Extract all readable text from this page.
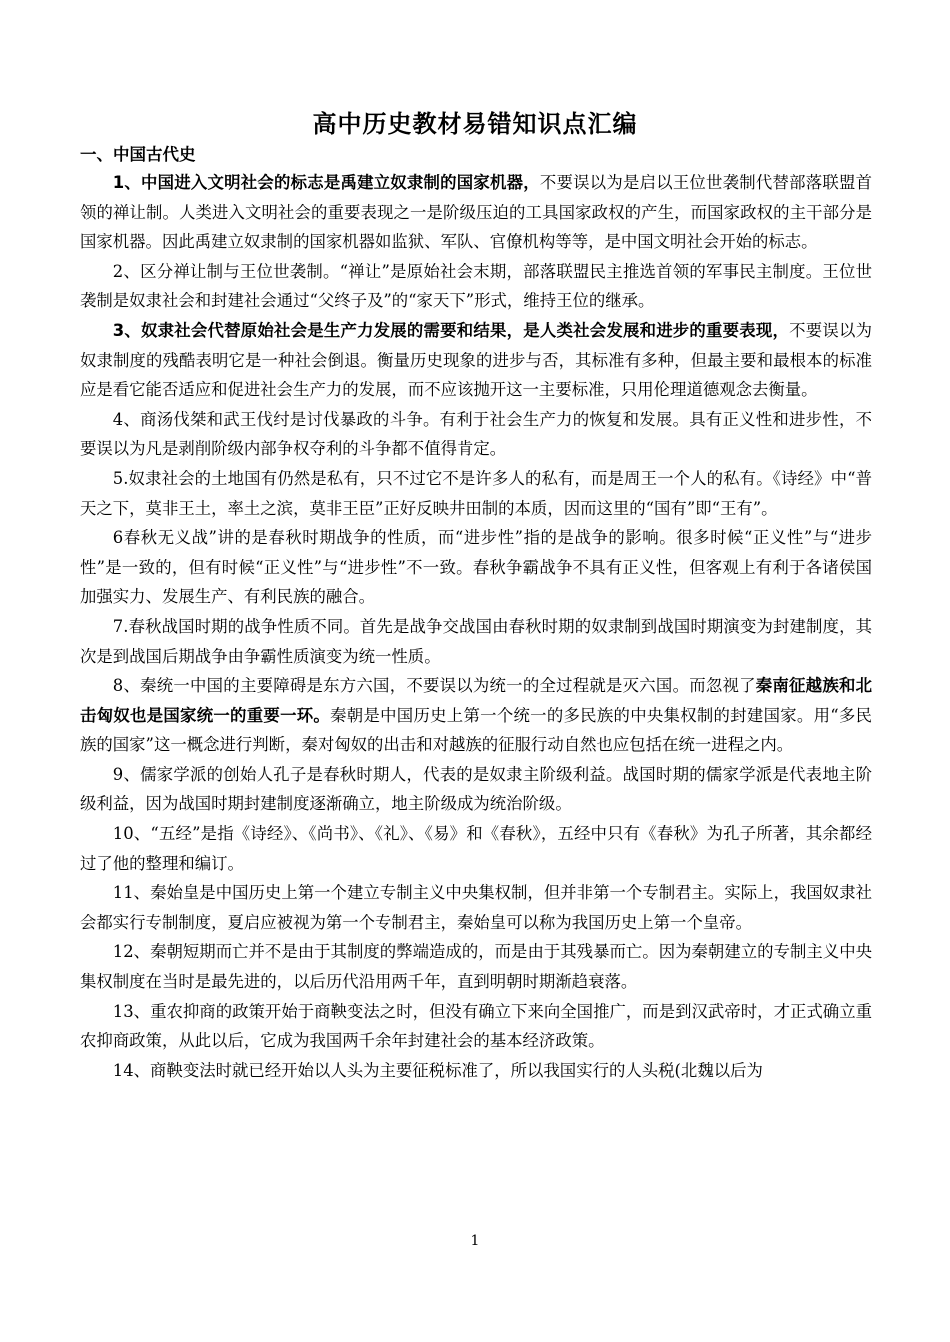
高中历史教材易错知识点汇编
一、中国古代史

1、中国进入文明社会的标志是禹建立奴隶制的国家机器，不要误以为是启以王位世袭制代替部落联盟首领的禅让制。人类进入文明社会的重要表现之一是阶级压迫的工具国家政权的产生，而国家政权的主干部分是国家机器。因此禹建立奴隶制的国家机器如监狱、军队、官僚机构等等，是中国文明社会开始的标志。

2、区分禅让制与王位世袭制。“禅让”是原始社会末期，部落联盟民主推选首领的军事民主制度。王位世袭制是奴隶社会和封建社会通过“父终子及”的“家天下”形式，维持王位的继承。

3、奴隶社会代替原始社会是生产力发展的需要和结果，是人类社会发展和进步的重要表现，不要误以为奴隶制度的残酷表明它是一种社会倒退。衡量历史现象的进步与否，其标准有多种，但最主要和最根本的标准应是看它能否适应和促进社会生产力的发展，而不应该抛开这一主要标准，只用伦理道德观念去衡量。

4、商汤伐桀和武王伐纣是讨伐暴政的斗争。有利于社会生产力的恢复和发展。具有正义性和进步性，不要误以为凡是剥削阶级内部争权夺利的斗争都不值得肯定。

5.奴隶社会的土地国有仍然是私有，只不过它不是许多人的私有，而是周王一个人的私有。《诗经》中“普天之下，莫非王土，率土之滨，莫非王臣”正好反映井田制的本质，因而这里的“国有”即“王有”。

6春秋无义战”讲的是春秋时期战争的性质，而“进步性”指的是战争的影响。很多时候“正义性”与“进步性”是一致的，但有时候“正义性”与“进步性”不一致。春秋争霸战争不具有正义性，但客观上有利于各诸侯国加强实力、发展生产、有利民族的融合。

7.春秋战国时期的战争性质不同。首先是战争交战国由春秋时期的奴隶制到战国时期演变为封建制度，其次是到战国后期战争由争霸性质演变为统一性质。

8、秦统一中国的主要障碍是东方六国，不要误以为统一的全过程就是灭六国。而忽视了秦南征越族和北击匈奴也是国家统一的重要一环。秦朝是中国历史上第一个统一的多民族的中央集权制的封建国家。用“多民族的国家”这一概念进行判断，秦对匈奴的出击和对越族的征服行动自然也应包括在统一进程之内。

9、儒家学派的创始人孔子是春秋时期人，代表的是奴隶主阶级利益。战国时期的儒家学派是代表地主阶级利益，因为战国时期封建制度逐渐确立，地主阶级成为统治阶级。

10、“五经”是指《诗经》、《尚书》、《礼》、《易》和《春秋》，五经中只有《春秋》为孔子所著，其余都经过了他的整理和编订。

11、秦始皇是中国历史上第一个建立专制主义中央集权制，但并非第一个专制君主。实际上，我国奴隶社会都实行专制制度，夏启应被视为第一个专制君主，秦始皇可以称为我国历史上第一个皇帝。

12、秦朝短期而亡并不是由于其制度的弊端造成的，而是由于其残暴而亡。因为秦朝建立的专制主义中央集权制度在当时是最先进的，以后历代沿用两千年，直到明朝时期渐趋衰落。

13、重农抑商的政策开始于商鞅变法之时，但没有确立下来向全国推广，而是到汉武帝时，才正式确立重农抑商政策，从此以后，它成为我国两千余年封建社会的基本经济政策。

14、商鞅变法时就已经开始以人头为主要征税标准了，所以我国实行的人头税(北魏以后为

1
